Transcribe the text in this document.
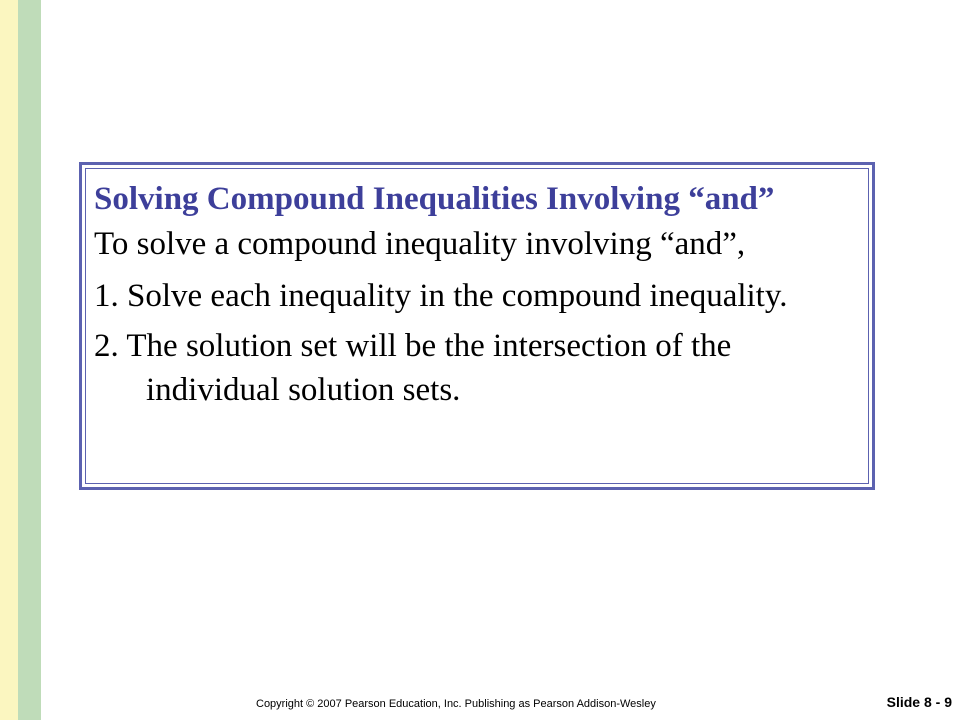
Solving Compound Inequalities Involving “and”
To solve a compound inequality involving “and”,
1. Solve each inequality in the compound inequality.
2. The solution set will be the intersection of the individual solution sets.
Copyright © 2007 Pearson Education, Inc. Publishing as Pearson Addison-Wesley	Slide 8 - 9
